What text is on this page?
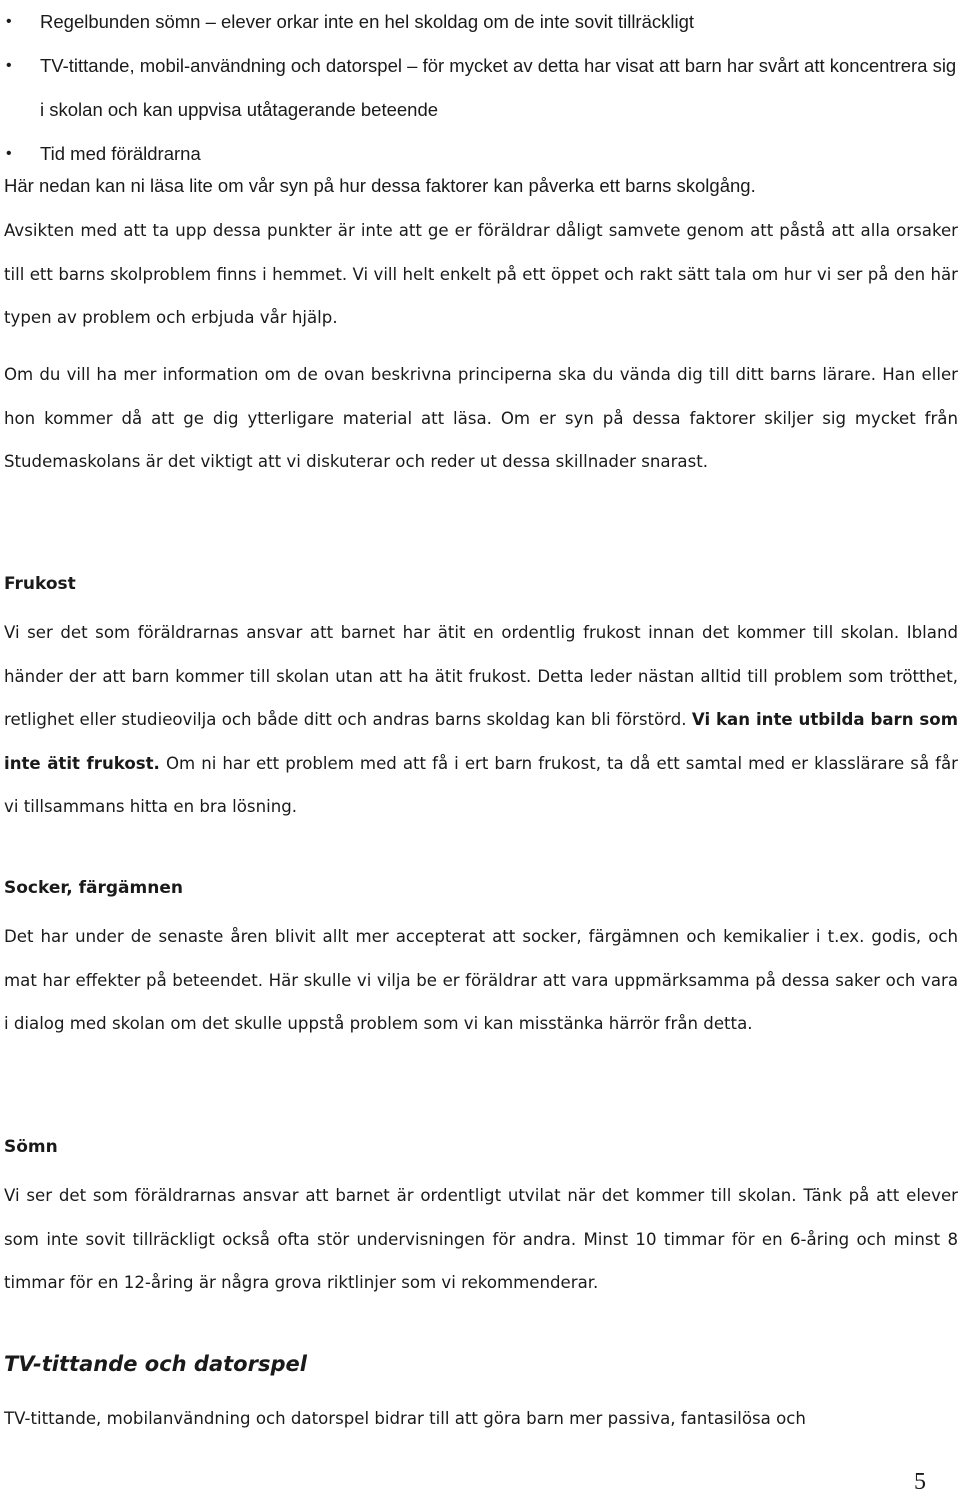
• Regelbunden sömn – elever orkar inte en hel skoldag om de inte sovit tillräckligt
• TV-tittande, mobil-användning och datorspel – för mycket av detta har visat att barn har svårt att koncentrera sig i skolan och kan uppvisa utåtagerande beteende
• Tid med föräldrarna

Här nedan kan ni läsa lite om vår syn på hur dessa faktorer kan påverka ett barns skolgång.

Avsikten med att ta upp dessa punkter är inte att ge er föräldrar dåligt samvete genom att påstå att alla orsaker till ett barns skolproblem finns i hemmet. Vi vill helt enkelt på ett öppet och rakt sätt tala om hur vi ser på den här typen av problem och erbjuda vår hjälp.

Om du vill ha mer information om de ovan beskrivna principerna ska du vända dig till ditt barns lärare. Han eller hon kommer då att ge dig ytterligare material att läsa. Om er syn på dessa faktorer skiljer sig mycket från Studemaskolans är det viktigt att vi diskuterar och reder ut dessa skillnader snarast.

Frukost

Vi ser det som föräldrarnas ansvar att barnet har ätit en ordentlig frukost innan det kommer till skolan. Ibland händer der att barn kommer till skolan utan att ha ätit frukost. Detta leder nästan alltid till problem som trötthet, retlighet eller studieovilja och både ditt och andras barns skoldag kan bli förstörd. Vi kan inte utbilda barn som inte ätit frukost. Om ni har ett problem med att få i ert barn frukost, ta då ett samtal med er klasslärare så får vi tillsammans hitta en bra lösning.

Socker, färgämnen

Det har under de senaste åren blivit allt mer accepterat att socker, färgämnen och kemikalier i t.ex. godis, och mat har effekter på beteendet. Här skulle vi vilja be er föräldrar att vara uppmärksamma på dessa saker och vara i dialog med skolan om det skulle uppstå problem som vi kan misstänka härrör från detta.

Sömn

Vi ser det som föräldrarnas ansvar att barnet är ordentligt utvilat när det kommer till skolan. Tänk på att elever som inte sovit tillräckligt också ofta stör undervisningen för andra. Minst 10 timmar för en 6-åring och minst 8 timmar för en 12-åring är några grova riktlinjer som vi rekommenderar.

TV-tittande och datorspel

TV-tittande, mobilanvändning och datorspel bidrar till att göra barn mer passiva, fantasilösa och

5
